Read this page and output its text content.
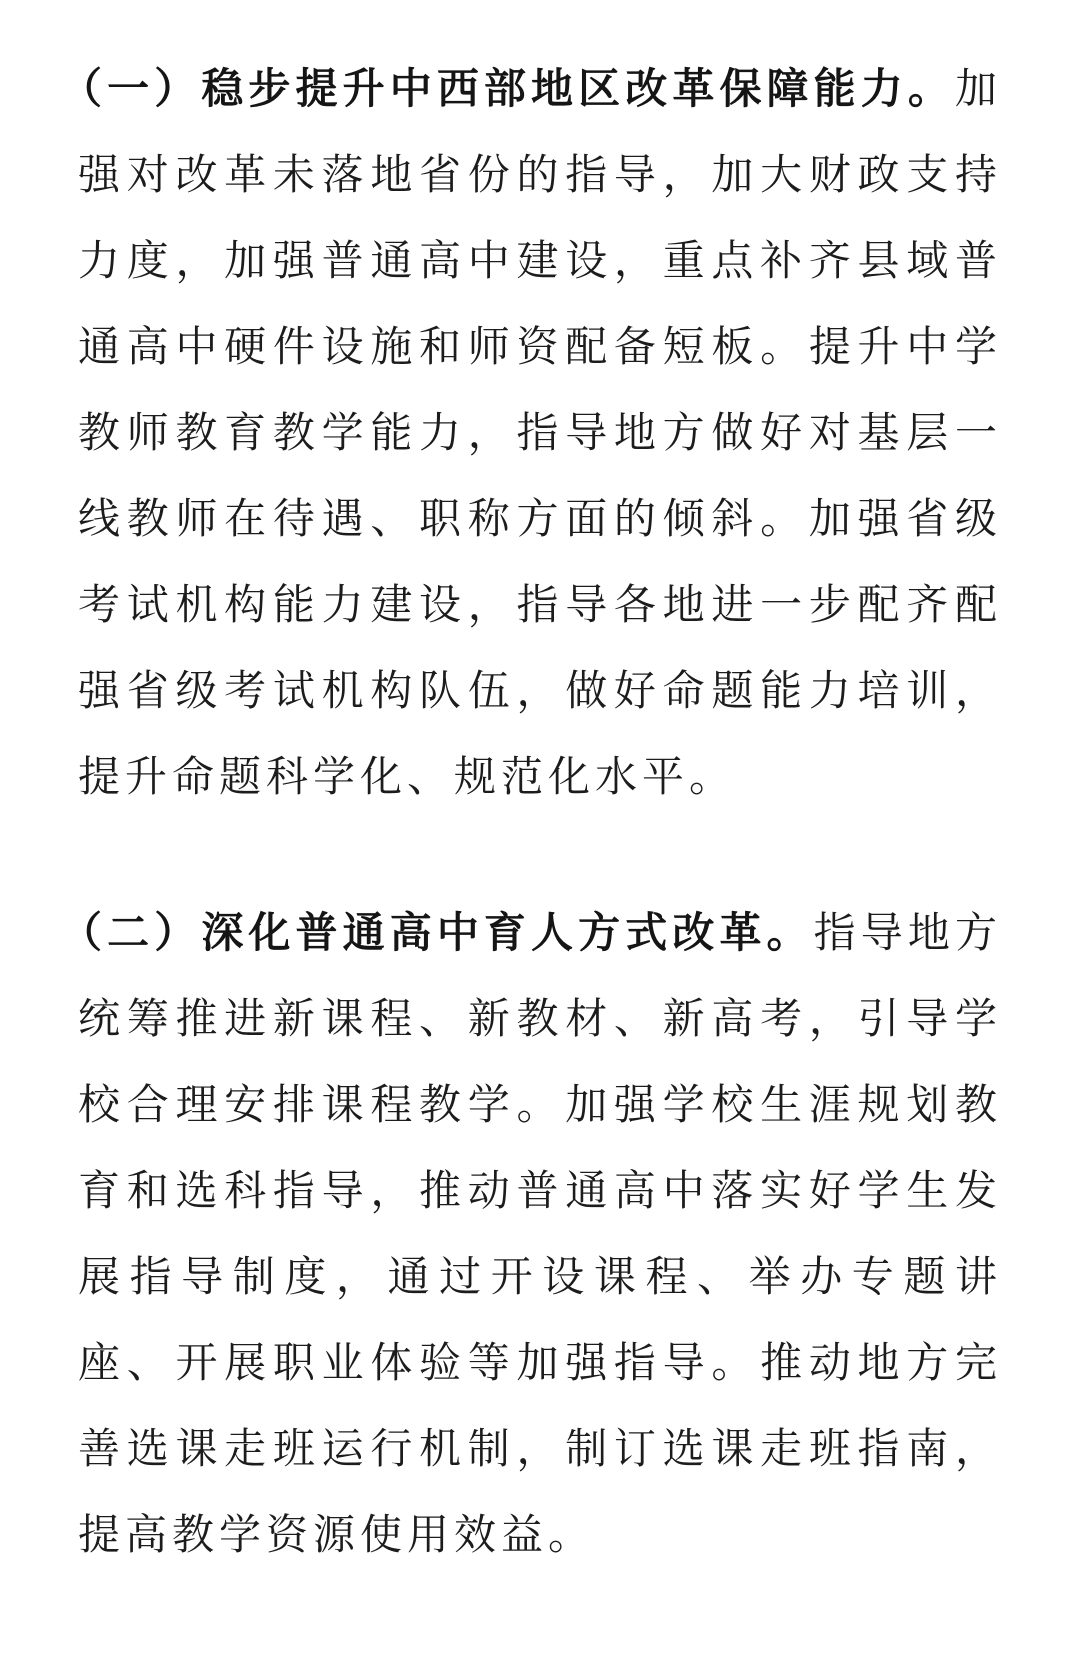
（一）稳步提升中西部地区改革保障能力。加强对改革未落地省份的指导，加大财政支持力度，加强普通高中建设，重点补齐县域普通高中硬件设施和师资配备短板。提升中学教师教育教学能力，指导地方做好对基层一线教师在待遇、职称方面的倾斜。加强省级考试机构能力建设，指导各地进一步配齐配强省级考试机构队伍，做好命题能力培训，提升命题科学化、规范化水平。

（二）深化普通高中育人方式改革。指导地方统筹推进新课程、新教材、新高考，引导学校合理安排课程教学。加强学校生涯规划教育和选科指导，推动普通高中落实好学生发展指导制度，通过开设课程、举办专题讲座、开展职业体验等加强指导。推动地方完善选课走班运行机制，制订选课走班指南，提高教学资源使用效益。
